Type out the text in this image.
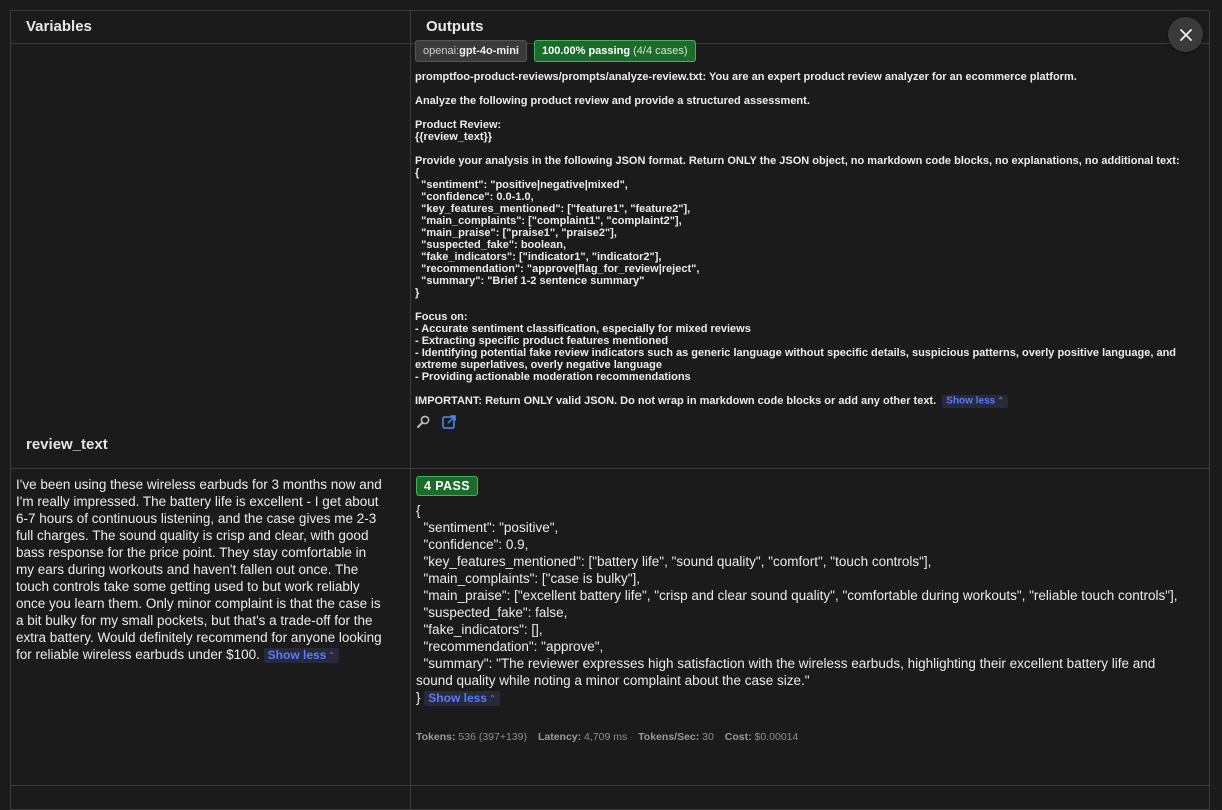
Variables	Outputs
review_text
openai:gpt-4o-mini	100.00% passing (4/4 cases)
promptfoo-product-reviews/prompts/analyze-review.txt: You are an expert product review analyzer for an ecommerce platform.

Analyze the following product review and provide a structured assessment.

Product Review:
{{review_text}}

Provide your analysis in the following JSON format. Return ONLY the JSON object, no markdown code blocks, no explanations, no additional text:
{
"sentiment": "positive|negative|mixed",
"confidence": 0.0-1.0,
"key_features_mentioned": ["feature1", "feature2"],
"main_complaints": ["complaint1", "complaint2"],
"main_praise": ["praise1", "praise2"],
"suspected_fake": boolean,
"fake_indicators": ["indicator1", "indicator2"],
"recommendation": "approve|flag_for_review|reject",
"summary": "Brief 1-2 sentence summary"
}

Focus on:
- Accurate sentiment classification, especially for mixed reviews
- Extracting specific product features mentioned
- Identifying potential fake review indicators such as generic language without specific details, suspicious patterns, overly positive language, and extreme superlatives, overly negative language
- Providing actionable moderation recommendations

IMPORTANT: Return ONLY valid JSON. Do not wrap in markdown code blocks or add any other text. Show less ⌃
I've been using these wireless earbuds for 3 months now and I'm really impressed. The battery life is excellent - I get about 6-7 hours of continuous listening, and the case gives me 2-3 full charges. The sound quality is crisp and clear, with good bass response for the price point. They stay comfortable in my ears during workouts and haven't fallen out once. The touch controls take some getting used to but work reliably once you learn them. Only minor complaint is that the case is a bit bulky for my small pockets, but that's a trade-off for the extra battery. Would definitely recommend for anyone looking for reliable wireless earbuds under $100. Show less ⌃
4 PASS
{
"sentiment": "positive",
"confidence": 0.9,
"key_features_mentioned": ["battery life", "sound quality", "comfort", "touch controls"],
"main_complaints": ["case is bulky"],
"main_praise": ["excellent battery life", "crisp and clear sound quality", "comfortable during workouts", "reliable touch controls"],
"suspected_fake": false,
"fake_indicators": [],
"recommendation": "approve",
"summary": "The reviewer expresses high satisfaction with the wireless earbuds, highlighting their excellent battery life and sound quality while noting a minor complaint about the case size."
} Show less ⌃
Tokens: 536 (397+139) Latency: 4,709 ms Tokens/Sec: 30 Cost: $0.00014
